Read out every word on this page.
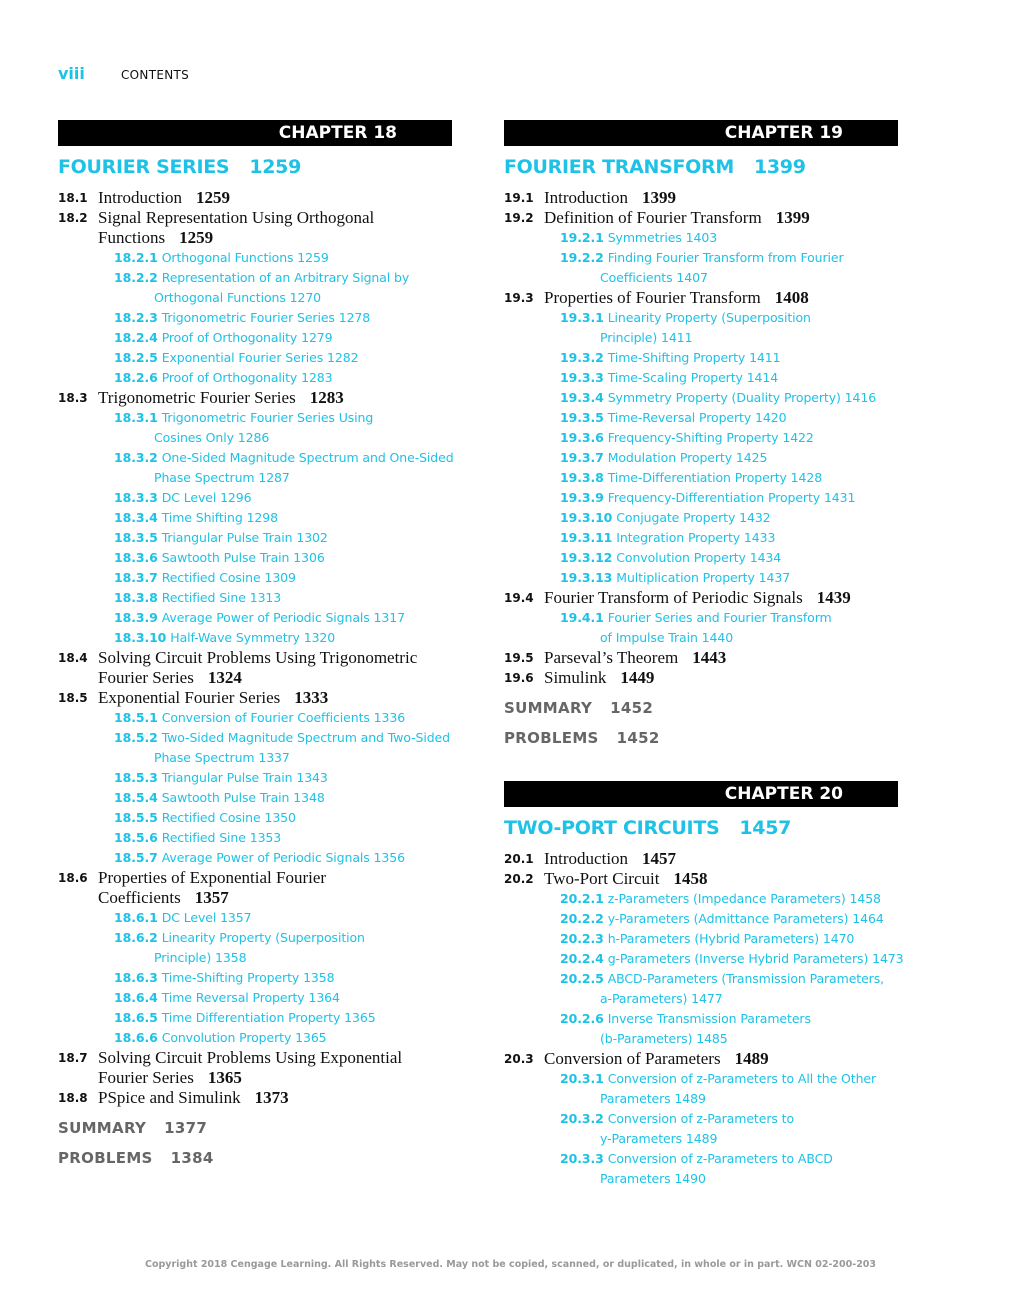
viii	CONTENTS
CHAPTER 18
FOURIER SERIES 1259
18.1 Introduction 1259
18.2 Signal Representation Using Orthogonal
Functions 1259
18.2.1 Orthogonal Functions 1259
18.2.2 Representation of an Arbitrary Signal by
Orthogonal Functions 1270
18.2.3 Trigonometric Fourier Series 1278
18.2.4 Proof of Orthogonality 1279
18.2.5 Exponential Fourier Series 1282
18.2.6 Proof of Orthogonality 1283
18.3 Trigonometric Fourier Series 1283
18.3.1 Trigonometric Fourier Series Using
Cosines Only 1286
18.3.2 One-Sided Magnitude Spectrum and One-Sided
Phase Spectrum 1287
18.3.3 DC Level 1296
18.3.4 Time Shifting 1298
18.3.5 Triangular Pulse Train 1302
18.3.6 Sawtooth Pulse Train 1306
18.3.7 Rectified Cosine 1309
18.3.8 Rectified Sine 1313
18.3.9 Average Power of Periodic Signals 1317
18.3.10 Half-Wave Symmetry 1320
18.4 Solving Circuit Problems Using Trigonometric
Fourier Series 1324
18.5 Exponential Fourier Series 1333
18.5.1 Conversion of Fourier Coefficients 1336
18.5.2 Two-Sided Magnitude Spectrum and Two-Sided
Phase Spectrum 1337
18.5.3 Triangular Pulse Train 1343
18.5.4 Sawtooth Pulse Train 1348
18.5.5 Rectified Cosine 1350
18.5.6 Rectified Sine 1353
18.5.7 Average Power of Periodic Signals 1356
18.6 Properties of Exponential Fourier
Coefficients 1357
18.6.1 DC Level 1357
18.6.2 Linearity Property (Superposition
Principle) 1358
18.6.3 Time-Shifting Property 1358
18.6.4 Time Reversal Property 1364
18.6.5 Time Differentiation Property 1365
18.6.6 Convolution Property 1365
18.7 Solving Circuit Problems Using Exponential
Fourier Series 1365
18.8 PSpice and Simulink 1373
SUMMARY 1377
PROBLEMS 1384
CHAPTER 19
FOURIER TRANSFORM 1399
19.1 Introduction 1399
19.2 Definition of Fourier Transform 1399
19.2.1 Symmetries 1403
19.2.2 Finding Fourier Transform from Fourier
Coefficients 1407
19.3 Properties of Fourier Transform 1408
19.3.1 Linearity Property (Superposition
Principle) 1411
19.3.2 Time-Shifting Property 1411
19.3.3 Time-Scaling Property 1414
19.3.4 Symmetry Property (Duality Property) 1416
19.3.5 Time-Reversal Property 1420
19.3.6 Frequency-Shifting Property 1422
19.3.7 Modulation Property 1425
19.3.8 Time-Differentiation Property 1428
19.3.9 Frequency-Differentiation Property 1431
19.3.10 Conjugate Property 1432
19.3.11 Integration Property 1433
19.3.12 Convolution Property 1434
19.3.13 Multiplication Property 1437
19.4 Fourier Transform of Periodic Signals 1439
19.4.1 Fourier Series and Fourier Transform
of Impulse Train 1440
19.5 Parseval’s Theorem 1443
19.6 Simulink 1449
SUMMARY 1452
PROBLEMS 1452
CHAPTER 20
TWO-PORT CIRCUITS 1457
20.1 Introduction 1457
20.2 Two-Port Circuit 1458
20.2.1 z-Parameters (Impedance Parameters) 1458
20.2.2 y-Parameters (Admittance Parameters) 1464
20.2.3 h-Parameters (Hybrid Parameters) 1470
20.2.4 g-Parameters (Inverse Hybrid Parameters) 1473
20.2.5 ABCD-Parameters (Transmission Parameters,
a-Parameters) 1477
20.2.6 Inverse Transmission Parameters
(b-Parameters) 1485
20.3 Conversion of Parameters 1489
20.3.1 Conversion of z-Parameters to All the Other
Parameters 1489
20.3.2 Conversion of z-Parameters to
y-Parameters 1489
20.3.3 Conversion of z-Parameters to ABCD
Parameters 1490
Copyright 2018 Cengage Learning. All Rights Reserved. May not be copied, scanned, or duplicated, in whole or in part. WCN 02-200-203
